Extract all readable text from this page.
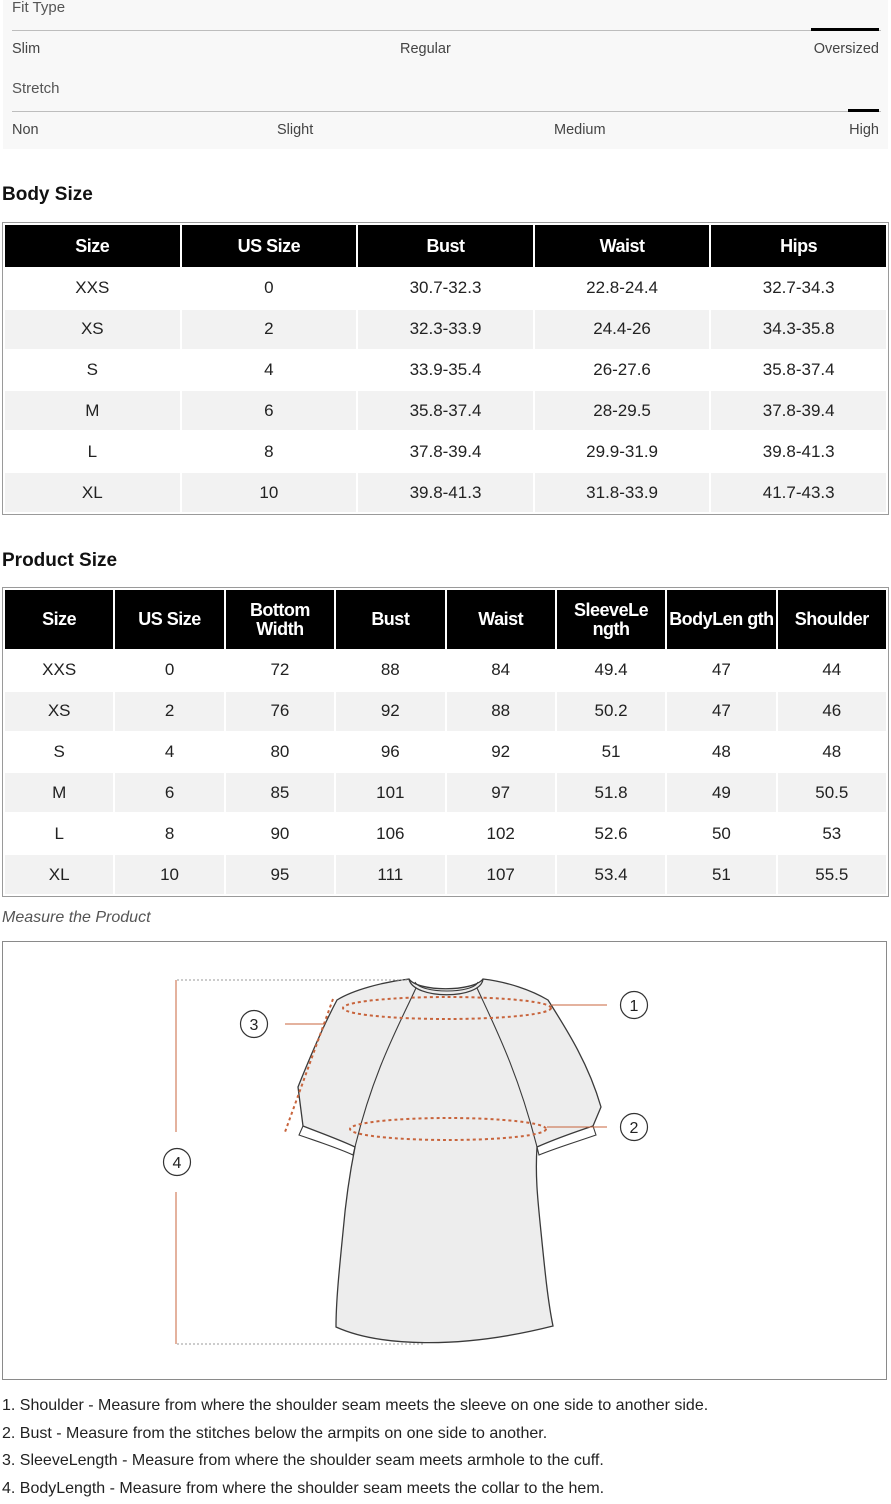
Fit Type
Slim	Regular	Oversized
Stretch
Non	Slight	Medium	High
Body Size
Size	US Size	Bust	Waist	Hips
XXS	0	30.7-32.3	22.8-24.4	32.7-34.3
XS	2	32.3-33.9	24.4-26	34.3-35.8
S	4	33.9-35.4	26-27.6	35.8-37.4
M	6	35.8-37.4	28-29.5	37.8-39.4
L	8	37.8-39.4	29.9-31.9	39.8-41.3
XL	10	39.8-41.3	31.8-33.9	41.7-43.3
Product Size
Size	US Size	Bottom Width	Bust	Waist	SleeveLe ngth	BodyLen gth	Shoulder
XXS	0	72	88	84	49.4	47	44
XS	2	76	92	88	50.2	47	46
S	4	80	96	92	51	48	48
M	6	85	101	97	51.8	49	50.5
L	8	90	106	102	52.6	50	53
XL	10	95	111	107	53.4	51	55.5
Measure the Product
1
2
3
4
1. Shoulder - Measure from where the shoulder seam meets the sleeve on one side to another side.
2. Bust - Measure from the stitches below the armpits on one side to another.
3. SleeveLength - Measure from where the shoulder seam meets armhole to the cuff.
4. BodyLength - Measure from where the shoulder seam meets the collar to the hem.
